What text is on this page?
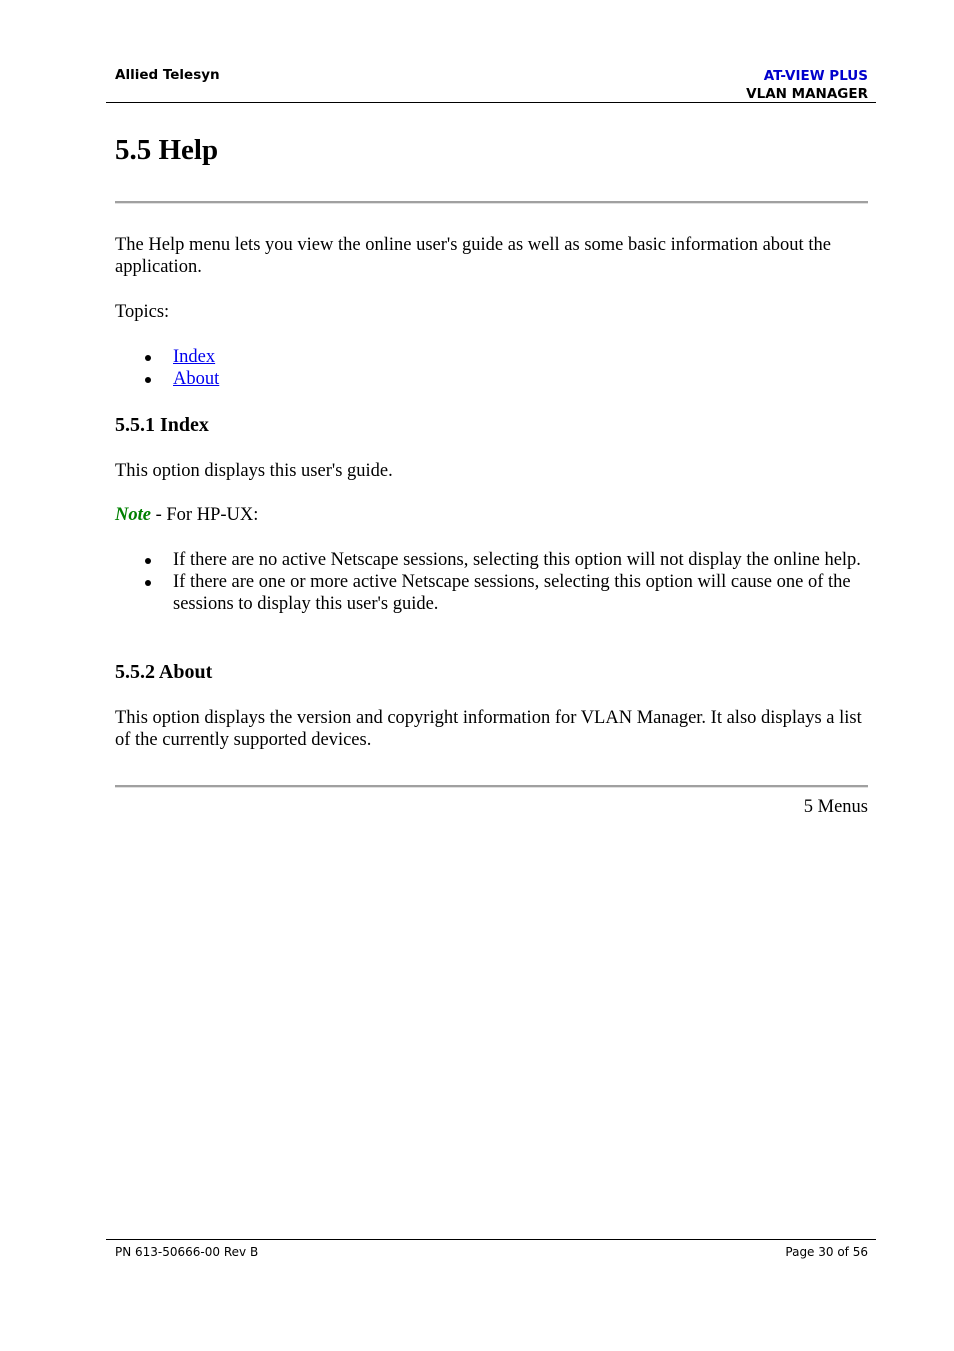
Allied Telesyn	AT-VIEW PLUS
VLAN MANAGER
5.5 Help

The Help menu lets you view the online user's guide as well as some basic information about the application.

Topics:

Index
About
5.5.1 Index

This option displays this user's guide.

Note - For HP-UX:

If there are no active Netscape sessions, selecting this option will not display the online help.
If there are one or more active Netscape sessions, selecting this option will cause one of the sessions to display this user's guide.
5.5.2 About

This option displays the version and copyright information for VLAN Manager. It also displays a list of the currently supported devices.

5 Menus
PN 613-50666-00 Rev B	Page 30 of 56
